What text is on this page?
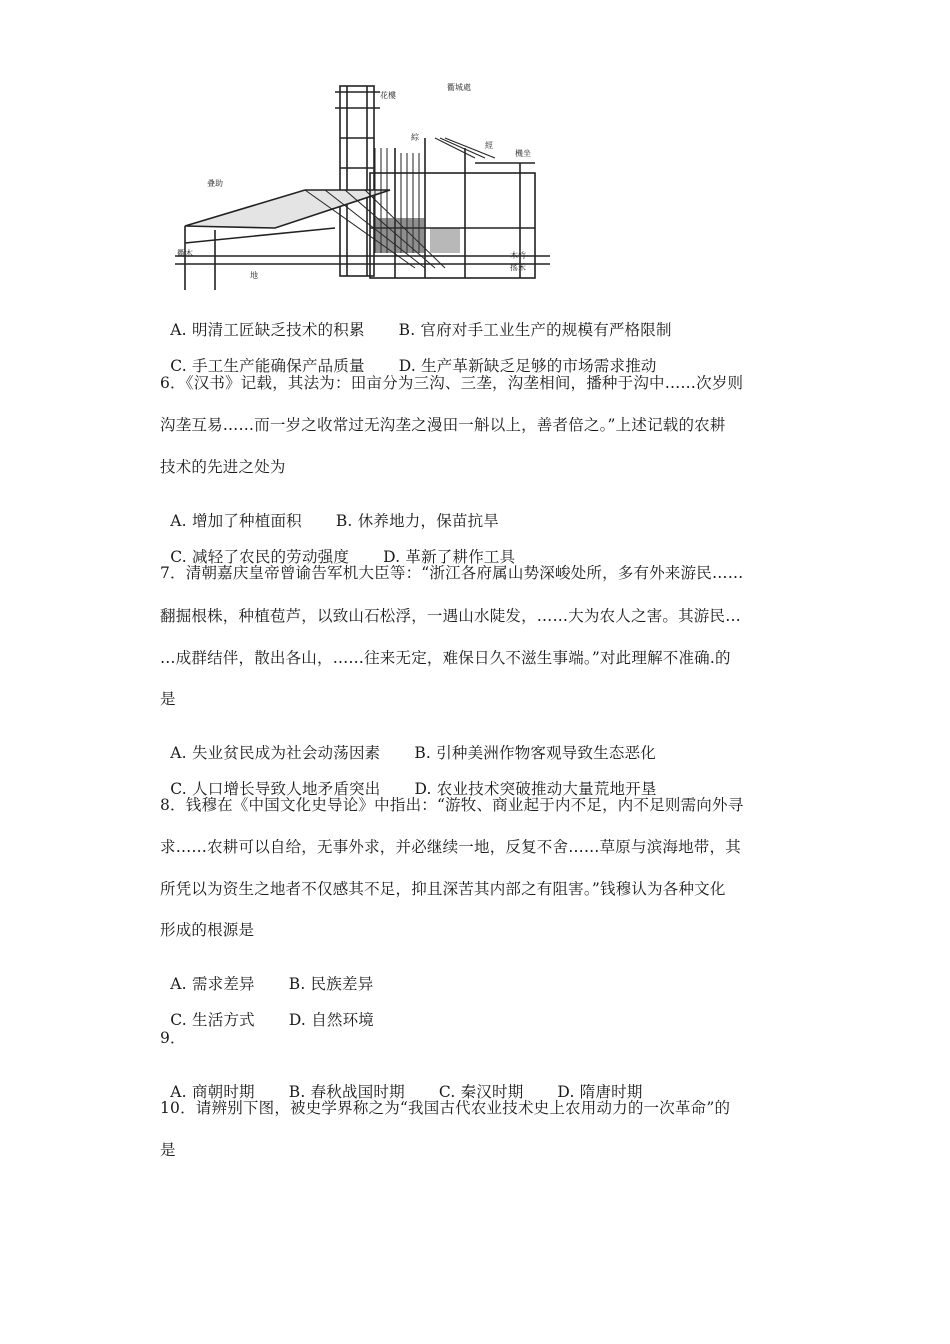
衢城處
花樓
綜
機坐
經
叠助
衢木
地
木竹
搖禾

A. 明清工匠缺乏技术的积累 B. 官府对手工业生产的规模有严格限制

C. 手工生产能确保产品质量 D. 生产革新缺乏足够的市场需求推动

6．《汉书》记载，其法为：田亩分为三沟、三垄，沟垄相间，播种于沟中……次岁则
沟垄互易……而一岁之收常过无沟垄之漫田一斛以上，善者倍之。”上述记载的农耕
技术的先进之处为

A. 增加了种植面积 B. 休养地力，保苗抗旱

C. 减轻了农民的劳动强度 D. 革新了耕作工具

7．清朝嘉庆皇帝曾谕告军机大臣等：“浙江各府属山势深峻处所，多有外来游民……
翻掘根株，种植苞芦，以致山石松浮，一遇山水陡发，……大为农人之害。其游民…
…成群结伴，散出各山，……往来无定，难保日久不滋生事端。”对此理解不准确.的
是

A. 失业贫民成为社会动荡因素 B. 引种美洲作物客观导致生态恶化

C. 人口增长导致人地矛盾突出 D. 农业技术突破推动大量荒地开垦

8．钱穆在《中国文化史导论》中指出：“游牧、商业起于内不足，内不足则需向外寻
求……农耕可以自给，无事外求，并必继续一地，反复不舍……草原与滨海地带，其
所凭以为资生之地者不仅感其不足，抑且深苦其内部之有阻害。”钱穆认为各种文化
形成的根源是

A. 需求差异 B. 民族差异

C. 生活方式 D. 自然环境

9．

A. 商朝时期 B. 春秋战国时期 C. 秦汉时期 D. 隋唐时期

10．请辨别下图，被史学界称之为“我国古代农业技术史上农用动力的一次革命”的
是
